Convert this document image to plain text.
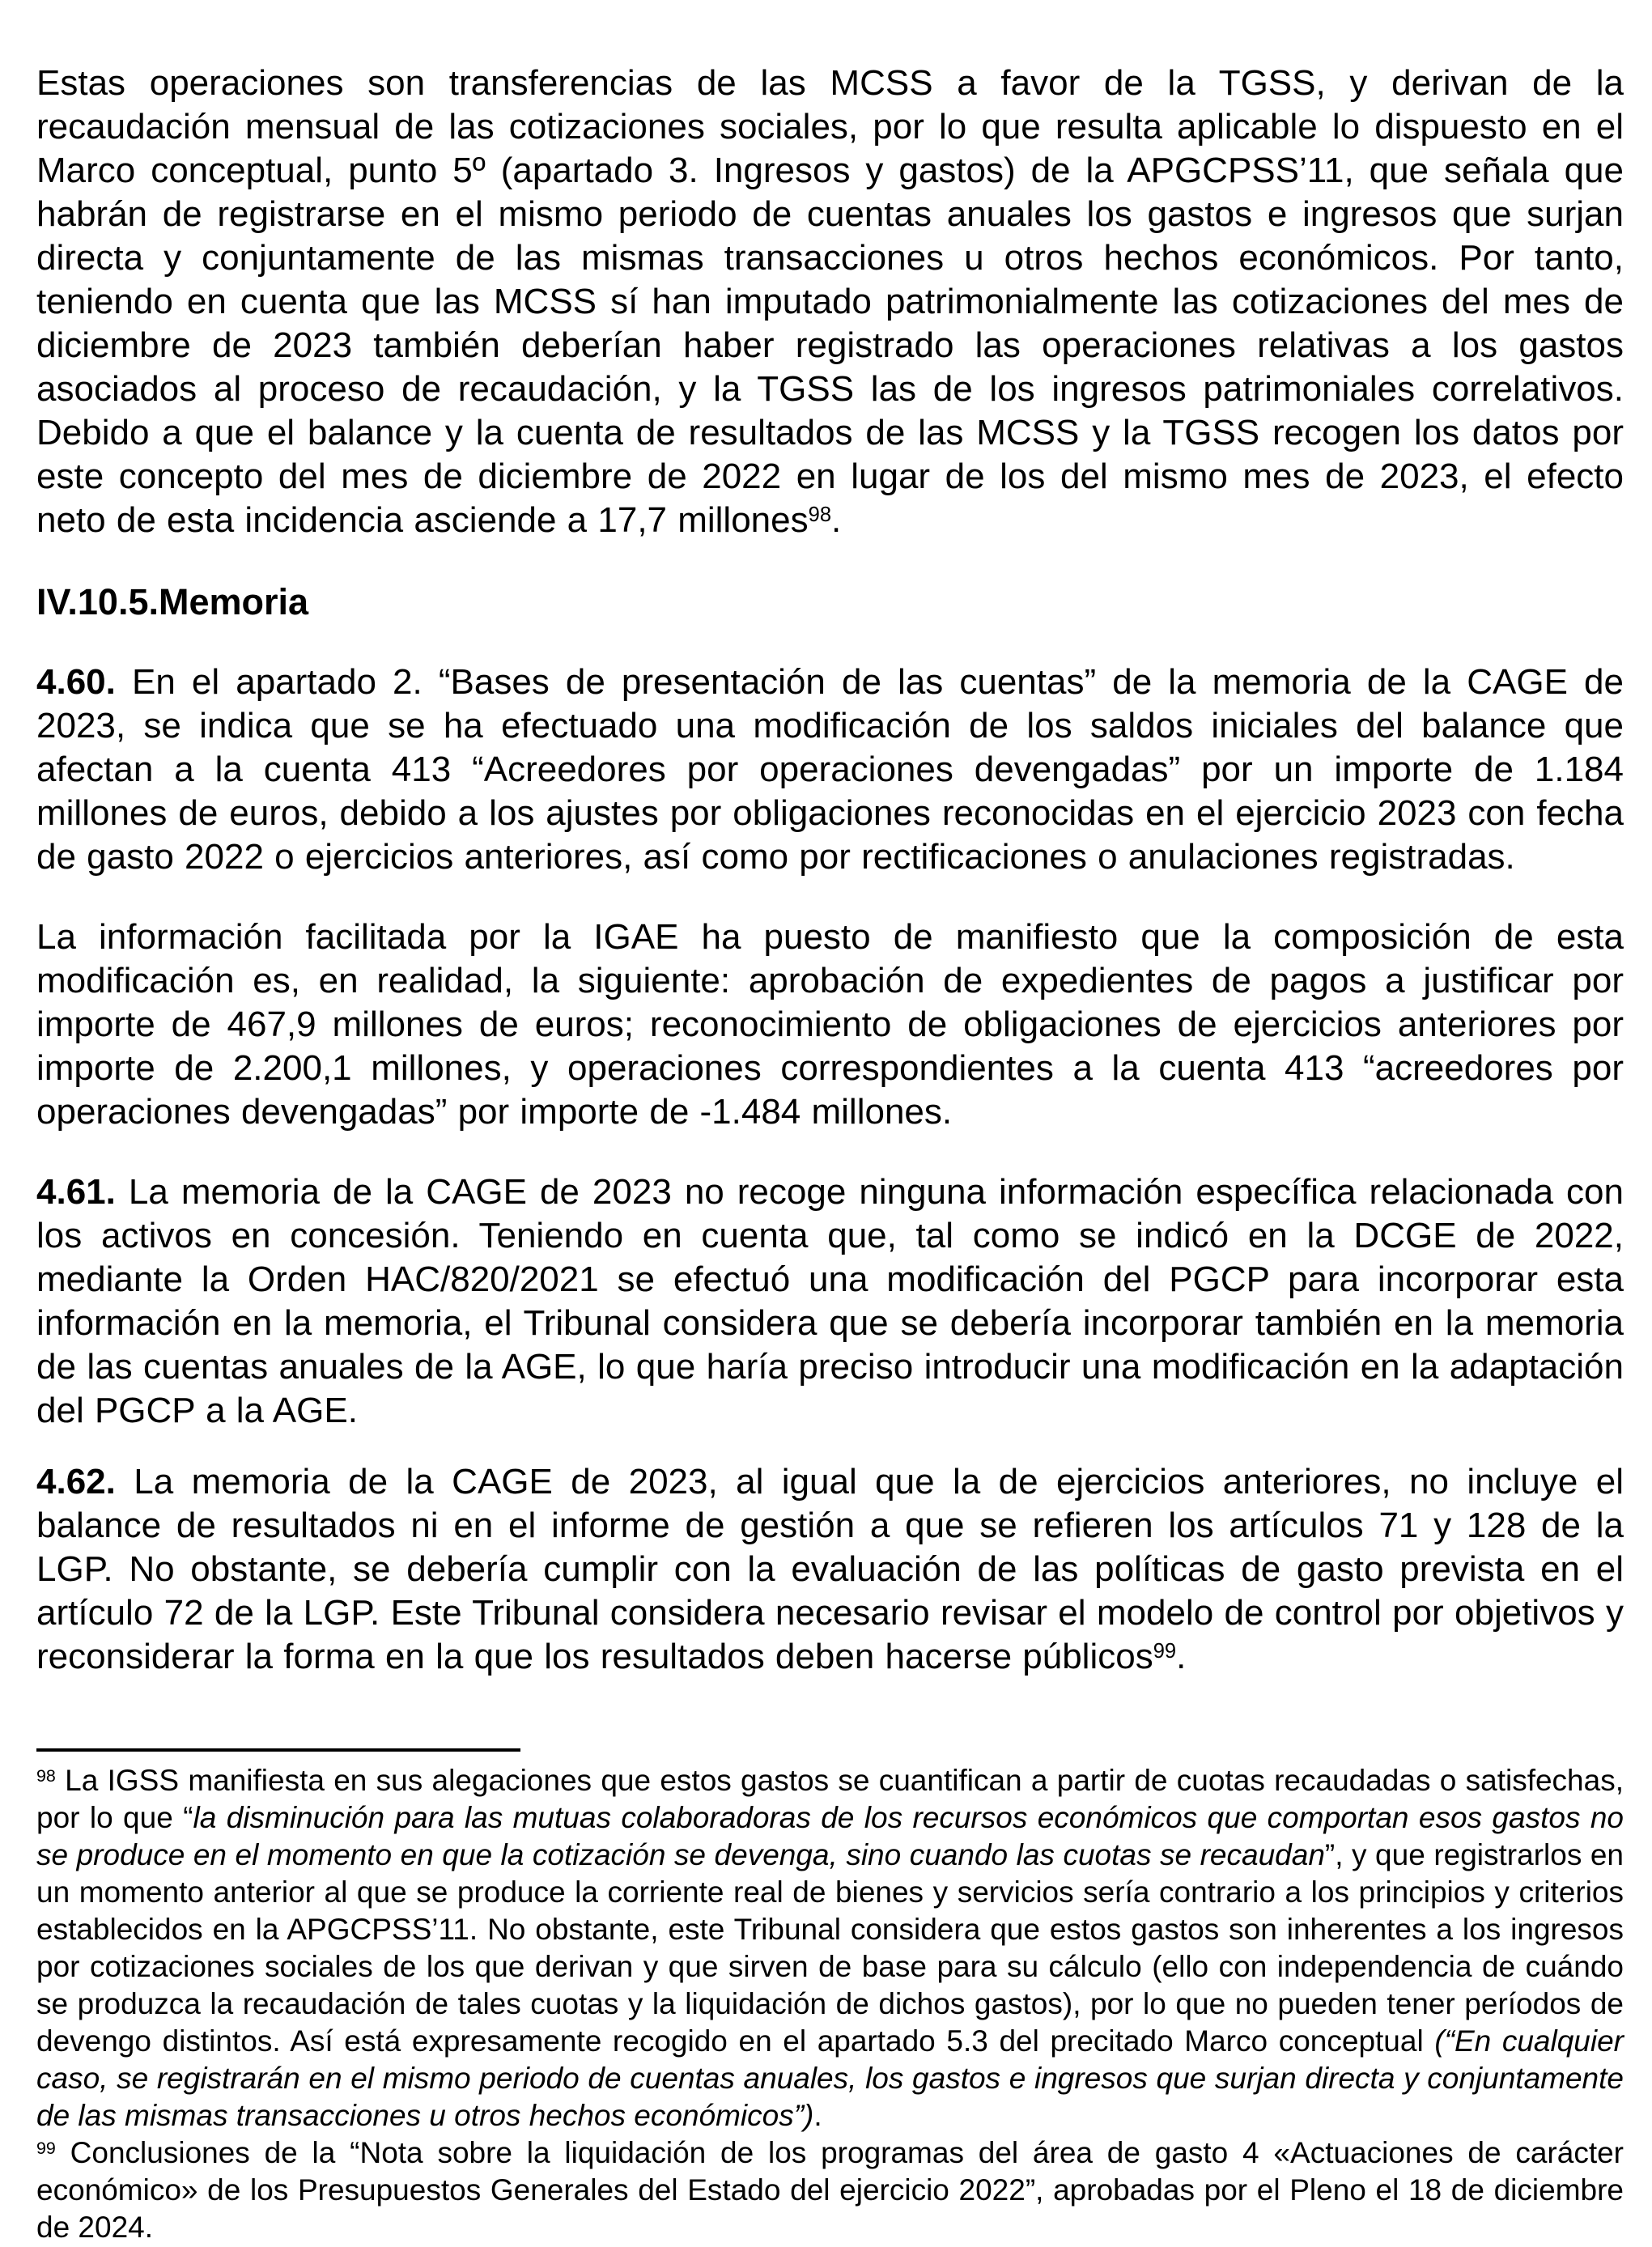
Estas operaciones son transferencias de las MCSS a favor de la TGSS, y derivan de la recaudación mensual de las cotizaciones sociales, por lo que resulta aplicable lo dispuesto en el Marco conceptual, punto 5º (apartado 3. Ingresos y gastos) de la APGCPSS’11, que señala que habrán de registrarse en el mismo periodo de cuentas anuales los gastos e ingresos que surjan directa y conjuntamente de las mismas transacciones u otros hechos económicos. Por tanto, teniendo en cuenta que las MCSS sí han imputado patrimonialmente las cotizaciones del mes de diciembre de 2023 también deberían haber registrado las operaciones relativas a los gastos asociados al proceso de recaudación, y la TGSS las de los ingresos patrimoniales correlativos. Debido a que el balance y la cuenta de resultados de las MCSS y la TGSS recogen los datos por este concepto del mes de diciembre de 2022 en lugar de los del mismo mes de 2023, el efecto neto de esta incidencia asciende a 17,7 millones$^{98}$.

IV.10.5.Memoria

4.60. En el apartado 2. “Bases de presentación de las cuentas” de la memoria de la CAGE de 2023, se indica que se ha efectuado una modificación de los saldos iniciales del balance que afectan a la cuenta 413 “Acreedores por operaciones devengadas” por un importe de 1.184 millones de euros, debido a los ajustes por obligaciones reconocidas en el ejercicio 2023 con fecha de gasto 2022 o ejercicios anteriores, así como por rectificaciones o anulaciones registradas.

La información facilitada por la IGAE ha puesto de manifiesto que la composición de esta modificación es, en realidad, la siguiente: aprobación de expedientes de pagos a justificar por importe de 467,9 millones de euros; reconocimiento de obligaciones de ejercicios anteriores por importe de 2.200,1 millones, y operaciones correspondientes a la cuenta 413 “acreedores por operaciones devengadas” por importe de -1.484 millones.

4.61. La memoria de la CAGE de 2023 no recoge ninguna información específica relacionada con los activos en concesión. Teniendo en cuenta que, tal como se indicó en la DCGE de 2022, mediante la Orden HAC/820/2021 se efectuó una modificación del PGCP para incorporar esta información en la memoria, el Tribunal considera que se debería incorporar también en la memoria de las cuentas anuales de la AGE, lo que haría preciso introducir una modificación en la adaptación del PGCP a la AGE.

4.62. La memoria de la CAGE de 2023, al igual que la de ejercicios anteriores, no incluye el balance de resultados ni en el informe de gestión a que se refieren los artículos 71 y 128 de la LGP. No obstante, se debería cumplir con la evaluación de las políticas de gasto prevista en el artículo 72 de la LGP. Este Tribunal considera necesario revisar el modelo de control por objetivos y reconsiderar la forma en la que los resultados deben hacerse públicos$^{99}$.

$^{98}$ La IGSS manifiesta en sus alegaciones que estos gastos se cuantifican a partir de cuotas recaudadas o satisfechas, por lo que “la disminución para las mutuas colaboradoras de los recursos económicos que comportan esos gastos no se produce en el momento en que la cotización se devenga, sino cuando las cuotas se recaudan”, y que registrarlos en un momento anterior al que se produce la corriente real de bienes y servicios sería contrario a los principios y criterios establecidos en la APGCPSS’11. No obstante, este Tribunal considera que estos gastos son inherentes a los ingresos por cotizaciones sociales de los que derivan y que sirven de base para su cálculo (ello con independencia de cuándo se produzca la recaudación de tales cuotas y la liquidación de dichos gastos), por lo que no pueden tener períodos de devengo distintos. Así está expresamente recogido en el apartado 5.3 del precitado Marco conceptual (“En cualquier caso, se registrarán en el mismo periodo de cuentas anuales, los gastos e ingresos que surjan directa y conjuntamente de las mismas transacciones u otros hechos económicos”).

$^{99}$ Conclusiones de la “Nota sobre la liquidación de los programas del área de gasto 4 «Actuaciones de carácter económico» de los Presupuestos Generales del Estado del ejercicio 2022”, aprobadas por el Pleno el 18 de diciembre de 2024.
